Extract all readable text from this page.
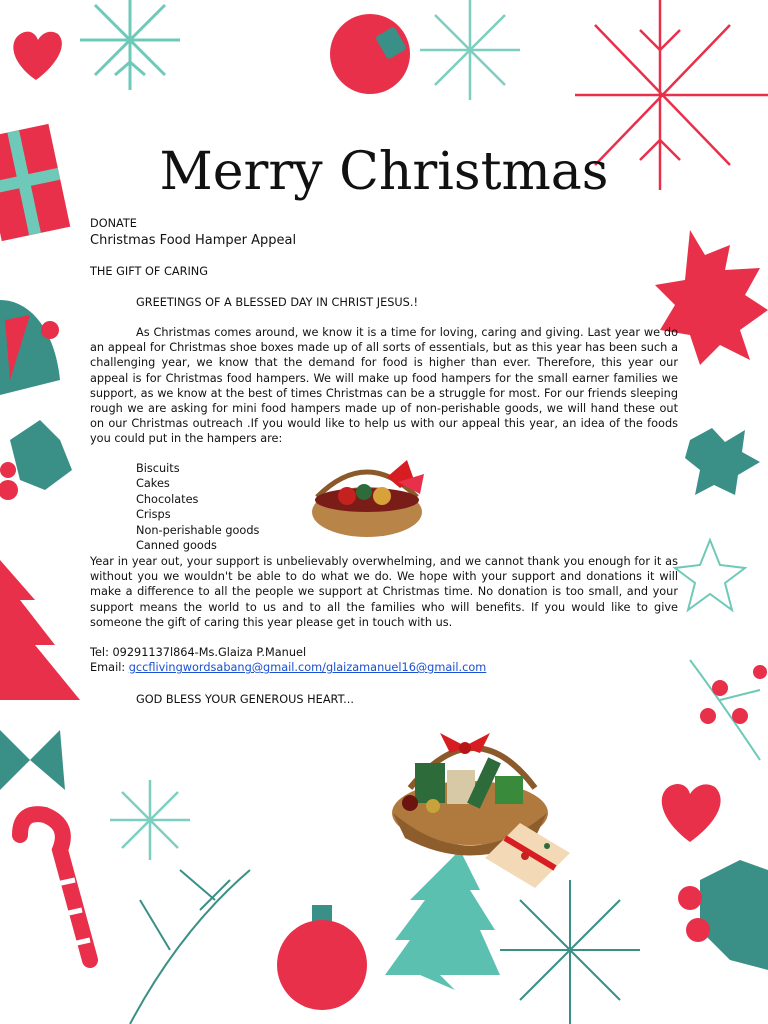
Merry Christmas
DONATE
Christmas Food Hamper Appeal
THE GIFT OF CARING
GREETINGS OF A BLESSED DAY IN CHRIST JESUS.!
As Christmas comes around, we know it is a time for loving, caring and giving. Last year we do an appeal for Christmas shoe boxes made up of all sorts of essentials, but as this year has been such a challenging year, we know that the demand for food is higher than ever. Therefore, this year our appeal is for Christmas food hampers. We will make up food hampers for the small earner families we support, as we know at the best of times Christmas can be a struggle for most. For our friends sleeping rough we are asking for mini food hampers made up of non-perishable goods, we will hand these out on our Christmas outreach .If you would like to help us with our appeal this year, an idea of the foods you could put in the hampers are:
Biscuits
Cakes
Chocolates
Crisps
Non-perishable goods
Canned goods
Year in year out, your support is unbelievably overwhelming, and we cannot thank you enough for it as without you we wouldn't be able to do what we do. We hope with your support and donations it will make a difference to all the people we support at Christmas time. No donation is too small, and your support means the world to us and to all the families who will benefits. If you would like to give someone the gift of caring this year please get in touch with us.
Tel: 09291137l864-Ms.Glaiza P.Manuel
Email: gccflivingwordsabang@gmail.com/glaizamanuel16@gmail.com
GOD BLESS YOUR GENEROUS HEART...
